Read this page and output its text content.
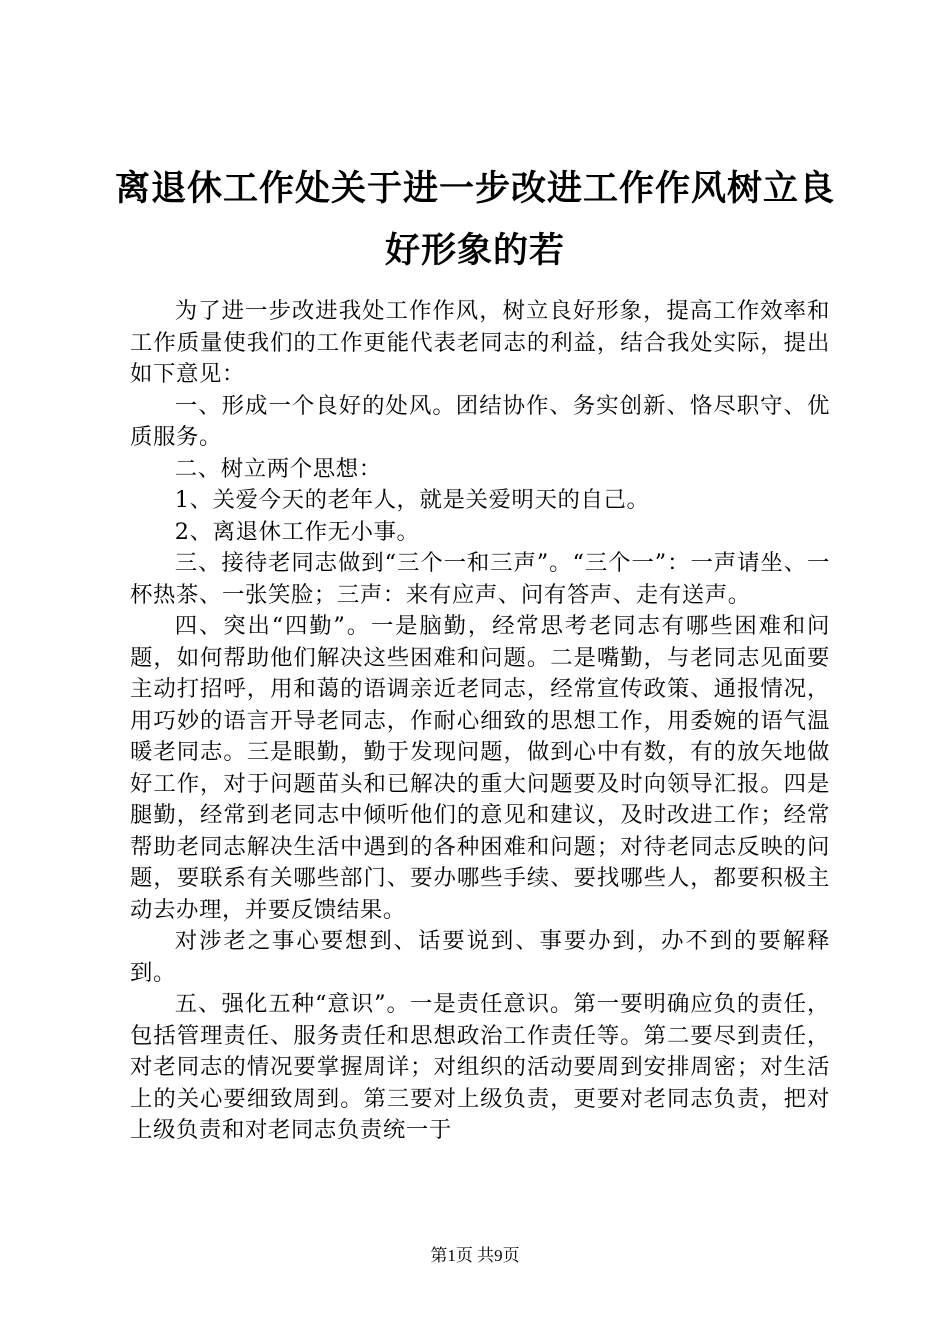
离退休工作处关于进一步改进工作作风树立良好形象的若

为了进一步改进我处工作作风，树立良好形象，提高工作效率和工作质量使我们的工作更能代表老同志的利益，结合我处实际，提出如下意见：

一、形成一个良好的处风。团结协作、务实创新、恪尽职守、优质服务。

二、树立两个思想：

1、关爱今天的老年人，就是关爱明天的自己。

2、离退休工作无小事。

三、接待老同志做到“三个一和三声”。“三个一”：一声请坐、一杯热茶、一张笑脸；三声：来有应声、问有答声、走有送声。

四、突出“四勤”。一是脑勤，经常思考老同志有哪些困难和问题，如何帮助他们解决这些困难和问题。二是嘴勤，与老同志见面要主动打招呼，用和蔼的语调亲近老同志，经常宣传政策、通报情况，用巧妙的语言开导老同志，作耐心细致的思想工作，用委婉的语气温暖老同志。三是眼勤，勤于发现问题，做到心中有数，有的放矢地做好工作，对于问题苗头和已解决的重大问题要及时向领导汇报。四是腿勤，经常到老同志中倾听他们的意见和建议，及时改进工作；经常帮助老同志解决生活中遇到的各种困难和问题；对待老同志反映的问题，要联系有关哪些部门、要办哪些手续、要找哪些人，都要积极主动去办理，并要反馈结果。

对涉老之事心要想到、话要说到、事要办到，办不到的要解释到。

五、强化五种“意识”。一是责任意识。第一要明确应负的责任，包括管理责任、服务责任和思想政治工作责任等。第二要尽到责任，对老同志的情况要掌握周详；对组织的活动要周到安排周密；对生活上的关心要细致周到。第三要对上级负责，更要对老同志负责，把对上级负责和对老同志负责统一于

第1页 共9页
